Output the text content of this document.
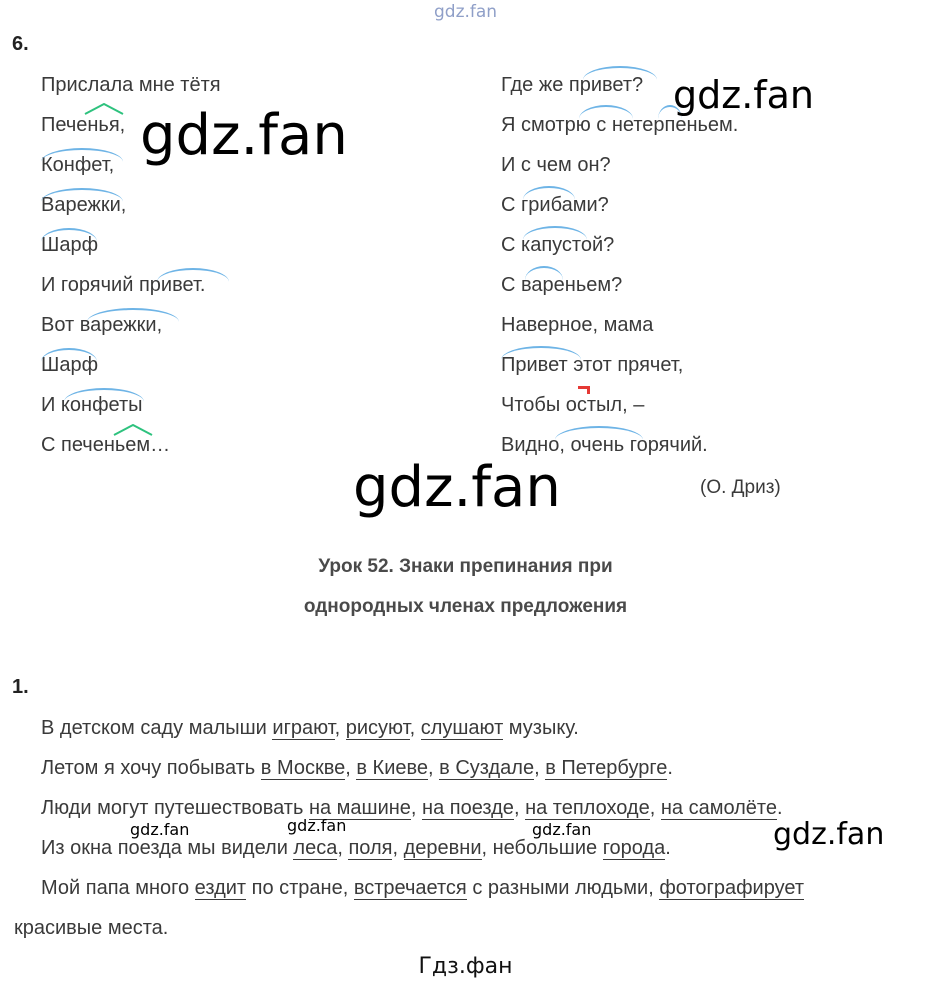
gdz.fan
6.
Прислала мне тётя
Печенья,
Конфет,
Варежки,
Шарф
И горячий привет.
Вот варежки,
Шарф
И конфеты
С печеньем…
Где же привет?
Я смотрю с нетерпеньем.
И с чем он?
С грибами?
С капустой?
С вареньем?
Наверное, мама
Привет этот прячет,
Чтобы остыл, –
Видно, очень горячий.
gdz.fan
gdz.fan
gdz.fan	(О. Дриз)
Урок 52. Знаки препинания при
однородных членах предложения
1.
В детском саду малыши играют, рисуют, слушают музыку.
Летом я хочу побывать в Москве, в Киеве, в Суздале, в Петербурге.
Люди могут путешествовать на машине, на поезде, на теплоходе, на самолёте.
Из окна поезда мы видели леса, поля, деревни, небольшие города.
Мой папа много ездит по стране, встречается с разными людьми, фотографирует
красивые места.
gdz.fan	gdz.fan	gdz.fan	gdz.fan
Гдз.фан
